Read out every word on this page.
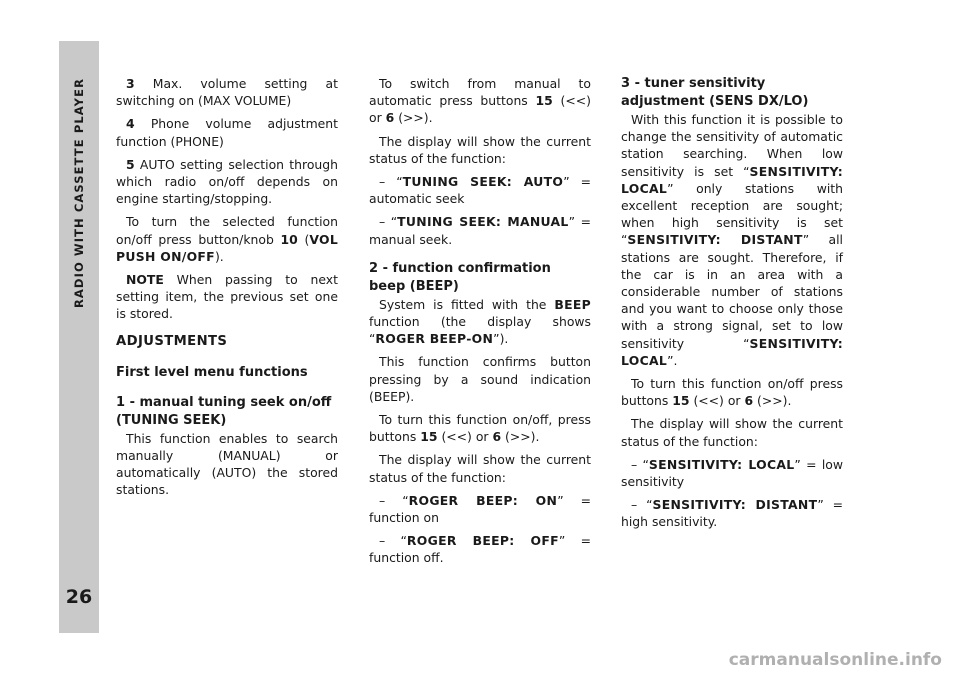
RADIO WITH CASSETTE PLAYER
26

3 Max. volume setting at switching on (MAX VOLUME)

4 Phone volume adjustment function (PHONE)

5 AUTO setting selection through which radio on/off depends on engine starting/stopping.

To turn the selected function on/off press button/knob 10 (VOL PUSH ON/OFF).

NOTE When passing to next setting item, the previous set one is stored.

ADJUSTMENTS
First level menu functions
1 - manual tuning seek on/off (TUNING SEEK)

This function enables to search manually (MANUAL) or automatically (AUTO) the stored stations.

To switch from manual to automatic press buttons 15 (<<) or 6 (>>).

The display will show the current status of the function:

– “TUNING SEEK: AUTO” = automatic seek

– “TUNING SEEK: MANUAL” = manual seek.

2 - function confirmation beep (BEEP)

System is fitted with the BEEP function (the display shows “ROGER BEEP-ON”).

This function confirms button pressing by a sound indication (BEEP).

To turn this function on/off, press buttons 15 (<<) or 6 (>>).

The display will show the current status of the function:

– “ROGER BEEP: ON” = function on

– “ROGER BEEP: OFF” = function off.

3 - tuner sensitivity adjustment (SENS DX/LO)

With this function it is possible to change the sensitivity of automatic station searching. When low sensitivity is set “SENSITIVITY: LOCAL” only stations with excellent reception are sought; when high sensitivity is set “SENSITIVITY: DISTANT” all stations are sought. Therefore, if the car is in an area with a considerable number of stations and you want to choose only those with a strong signal, set to low sensitivity “SENSITIVITY: LOCAL”.

To turn this function on/off press buttons 15 (<<) or 6 (>>).

The display will show the current status of the function:

– “SENSITIVITY: LOCAL” = low sensitivity

– “SENSITIVITY: DISTANT” = high sensitivity.

carmanualsonline.info
